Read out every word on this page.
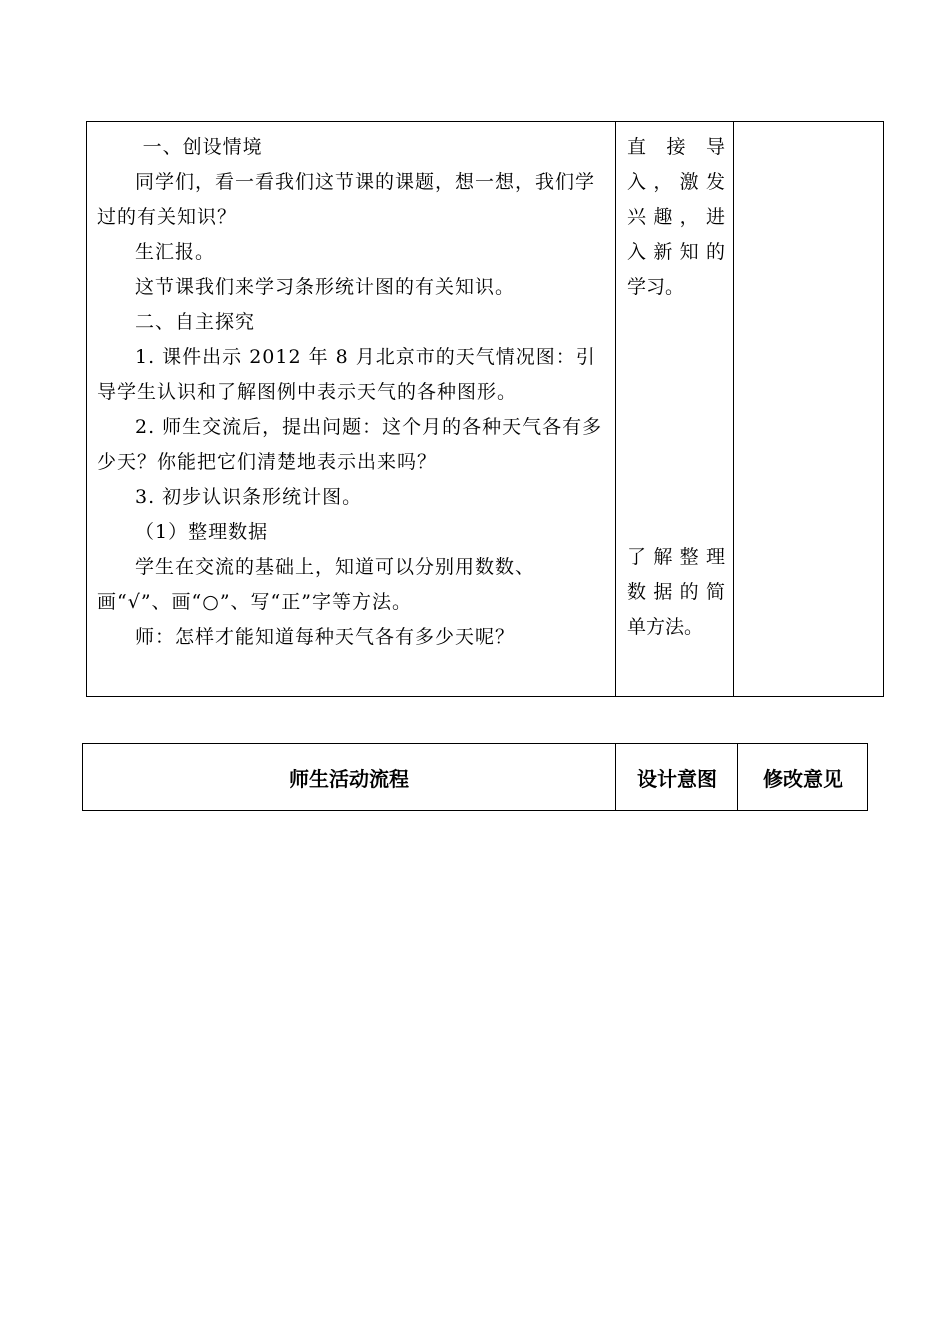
一、创设情境

同学们，看一看我们这节课的课题，想一想，我们学过的有关知识？

生汇报。

这节课我们来学习条形统计图的有关知识。

二、自主探究

1. 课件出示 2012 年 8 月北京市的天气情况图：引导学生认识和了解图例中表示天气的各种图形。

2. 师生交流后，提出问题：这个月的各种天气各有多少天？你能把它们清楚地表示出来吗？

3. 初步认识条形统计图。

（1）整理数据

学生在交流的基础上，知道可以分别用数数、画“√”、画“○”、写“正”字等方法。

师：怎样才能知道每种天气各有多少天呢？

直 接 导
入，激发
兴趣，进
入新知的
学习。
了解整理
数据的简
单方法。
师生活动流程	设计意图	修改意见
